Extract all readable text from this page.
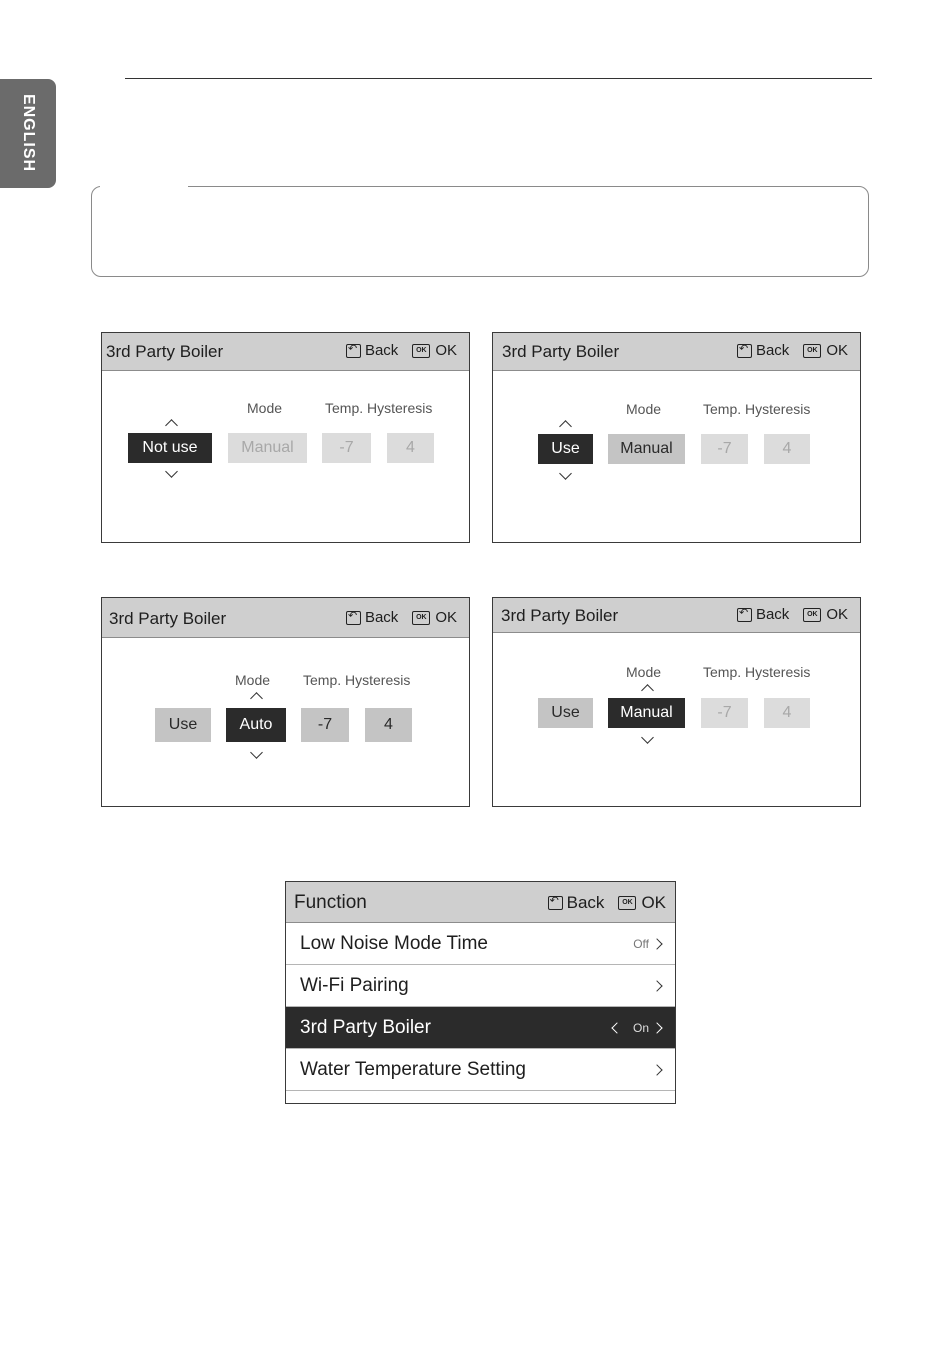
ENGLISH
3rd Party Boiler ↶	Back	OK OK
Mode	Temp. Hysteresis
Not use	Manual	-7	4
3rd Party Boiler ↶	Back	OK OK
Mode	Temp. Hysteresis
Use	Manual	-7	4
3rd Party Boiler ↶	Back	OK OK
Mode Temp. Hysteresis
Use	Auto	-7	4
3rd Party Boiler ↶	Back	OK OK
Mode	Temp. Hysteresis
Use	Manual	-7	4
Function ↶	Back	OK OK
Low Noise Mode Time	Off
Wi-Fi Pairing
3rd Party Boiler	On
Water Temperature Setting
